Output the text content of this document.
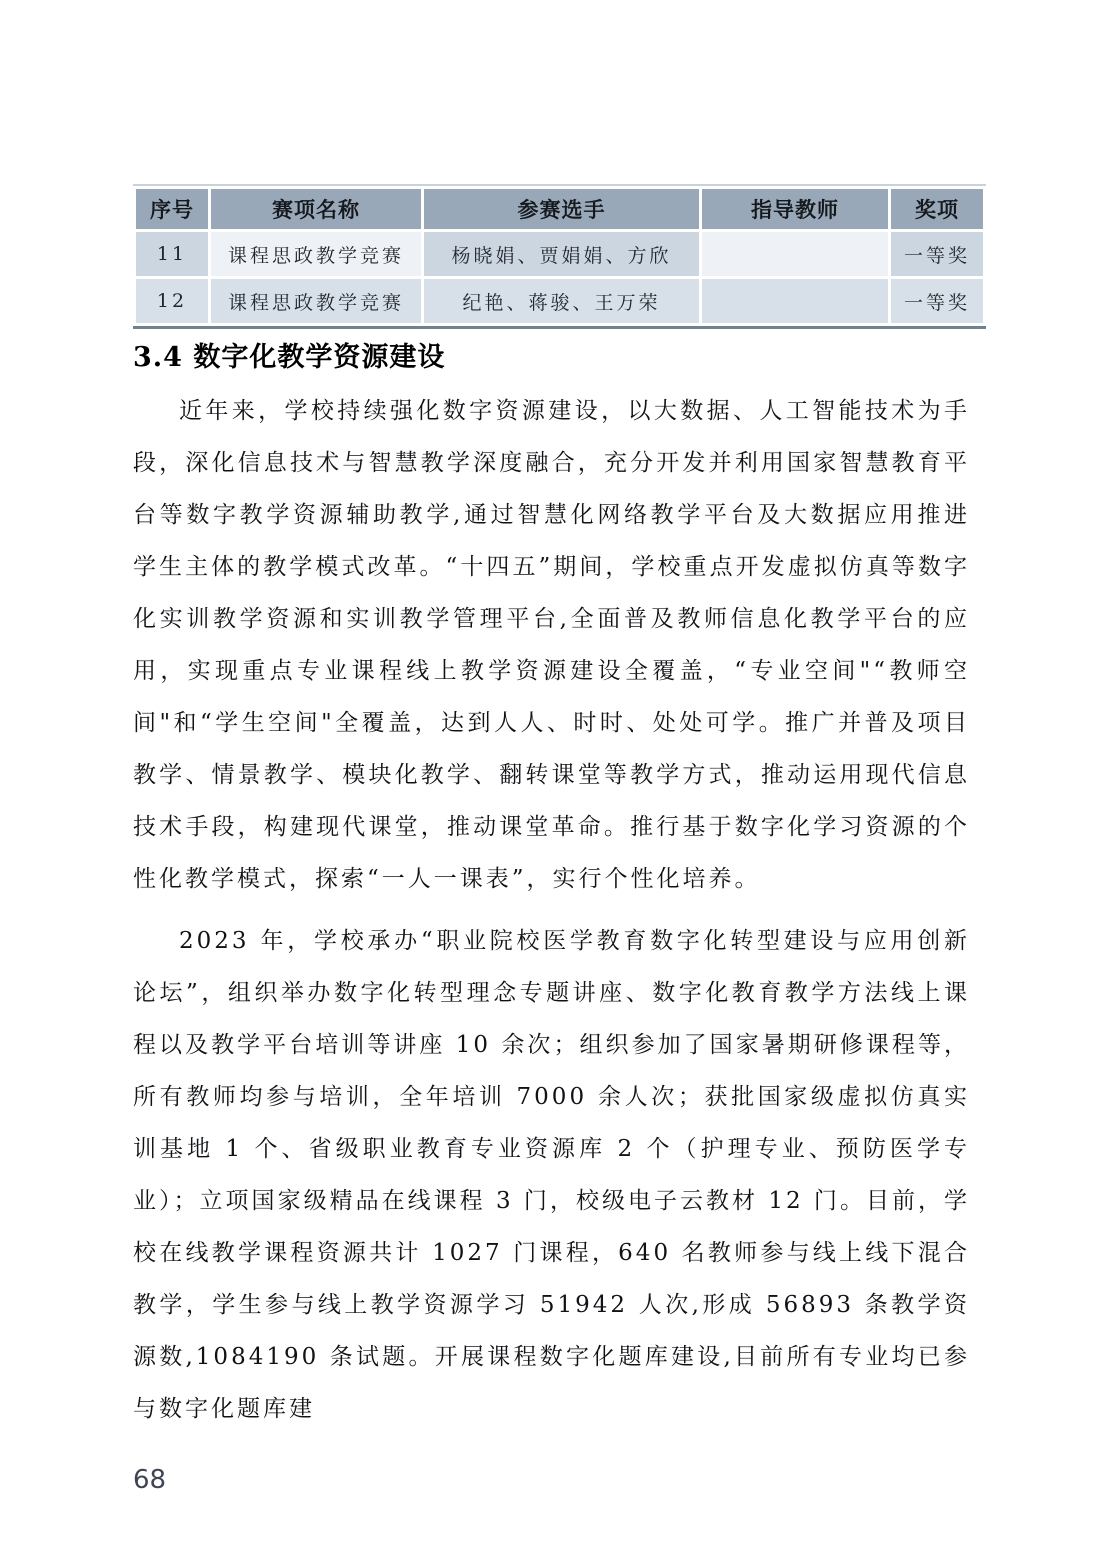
序号	赛项名称	参赛选手	指导教师	奖项
11	课程思政教学竞赛	杨晓娟、贾娟娟、方欣		一等奖
12	课程思政教学竞赛	纪艳、蒋骏、王万荣		一等奖
3.4 数字化教学资源建设

近年来，学校持续强化数字资源建设，以大数据、人工智能技术为手段，深化信息技术与智慧教学深度融合，充分开发并利用国家智慧教育平台等数字教学资源辅助教学,通过智慧化网络教学平台及大数据应用推进学生主体的教学模式改革。“十四五”期间，学校重点开发虚拟仿真等数字化实训教学资源和实训教学管理平台,全面普及教师信息化教学平台的应用，实现重点专业课程线上教学资源建设全覆盖，“专业空间"“教师空间"和“学生空间"全覆盖，达到人人、时时、处处可学。推广并普及项目教学、情景教学、模块化教学、翻转课堂等教学方式，推动运用现代信息技术手段，构建现代课堂，推动课堂革命。推行基于数字化学习资源的个性化教学模式，探索“一人一课表”，实行个性化培养。

2023 年，学校承办“职业院校医学教育数字化转型建设与应用创新论坛”，组织举办数字化转型理念专题讲座、数字化教育教学方法线上课程以及教学平台培训等讲座 10 余次；组织参加了国家暑期研修课程等，所有教师均参与培训，全年培训 7000 余人次；获批国家级虚拟仿真实训基地 1 个、省级职业教育专业资源库 2 个（护理专业、预防医学专业）；立项国家级精品在线课程 3 门，校级电子云教材 12 门。目前，学校在线教学课程资源共计 1027 门课程，640 名教师参与线上线下混合教学，学生参与线上教学资源学习 51942 人次,形成 56893 条教学资源数,1084190 条试题。开展课程数字化题库建设,目前所有专业均已参与数字化题库建

68
